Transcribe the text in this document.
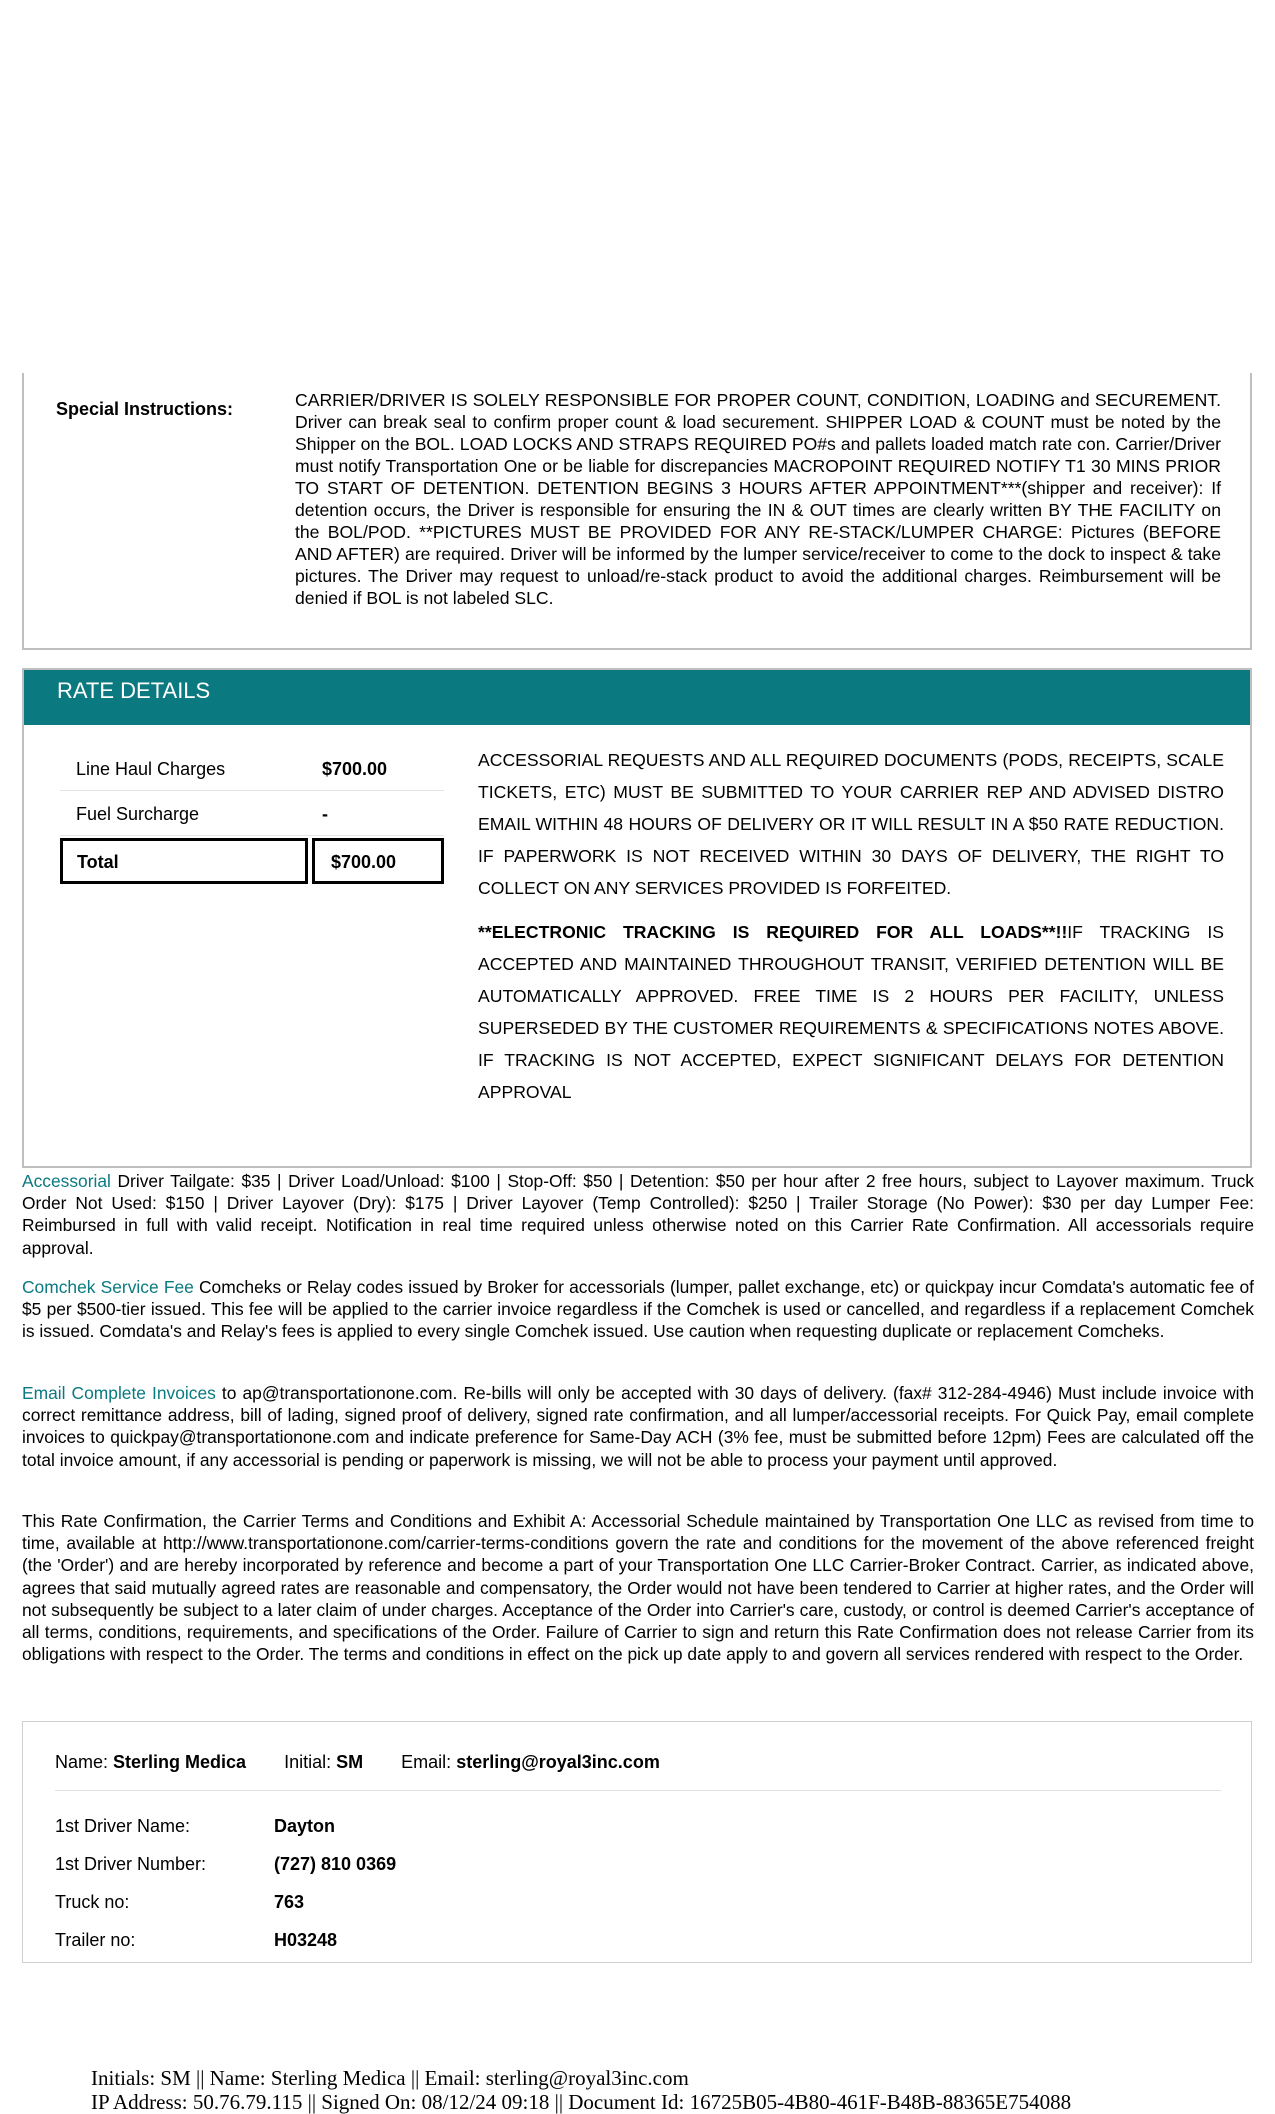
Special Instructions:	CARRIER/DRIVER IS SOLELY RESPONSIBLE FOR PROPER COUNT, CONDITION, LOADING and SECUREMENT. Driver can break seal to confirm proper count & load securement. SHIPPER LOAD & COUNT must be noted by the Shipper on the BOL. LOAD LOCKS AND STRAPS REQUIRED PO#s and pallets loaded match rate con. Carrier/Driver must notify Transportation One or be liable for discrepancies MACROPOINT REQUIRED NOTIFY T1 30 MINS PRIOR TO START OF DETENTION. DETENTION BEGINS 3 HOURS AFTER APPOINTMENT***(shipper and receiver): If detention occurs, the Driver is responsible for ensuring the IN & OUT times are clearly written BY THE FACILITY on the BOL/POD. **PICTURES MUST BE PROVIDED FOR ANY RE-STACK/LUMPER CHARGE: Pictures (BEFORE AND AFTER) are required. Driver will be informed by the lumper service/receiver to come to the dock to inspect & take pictures. The Driver may request to unload/re-stack product to avoid the additional charges. Reimbursement will be denied if BOL is not labeled SLC.
RATE DETAILS
Line Haul Charges	$700.00
Fuel Surcharge	-
Total	$700.00

ACCESSORIAL REQUESTS AND ALL REQUIRED DOCUMENTS (PODS, RECEIPTS, SCALE TICKETS, ETC) MUST BE SUBMITTED TO YOUR CARRIER REP AND ADVISED DISTRO EMAIL WITHIN 48 HOURS OF DELIVERY OR IT WILL RESULT IN A $50 RATE REDUCTION. IF PAPERWORK IS NOT RECEIVED WITHIN 30 DAYS OF DELIVERY, THE RIGHT TO COLLECT ON ANY SERVICES PROVIDED IS FORFEITED.

**ELECTRONIC TRACKING IS REQUIRED FOR ALL LOADS**!!IF TRACKING IS ACCEPTED AND MAINTAINED THROUGHOUT TRANSIT, VERIFIED DETENTION WILL BE AUTOMATICALLY APPROVED. FREE TIME IS 2 HOURS PER FACILITY, UNLESS SUPERSEDED BY THE CUSTOMER REQUIREMENTS & SPECIFICATIONS NOTES ABOVE. IF TRACKING IS NOT ACCEPTED, EXPECT SIGNIFICANT DELAYS FOR DETENTION APPROVAL

Accessorial Driver Tailgate: $35 | Driver Load/Unload: $100 | Stop-Off: $50 | Detention: $50 per hour after 2 free hours, subject to Layover maximum. Truck Order Not Used: $150 | Driver Layover (Dry): $175 | Driver Layover (Temp Controlled): $250 | Trailer Storage (No Power): $30 per day Lumper Fee: Reimbursed in full with valid receipt. Notification in real time required unless otherwise noted on this Carrier Rate Confirmation. All accessorials require approval.

Comchek Service Fee Comcheks or Relay codes issued by Broker for accessorials (lumper, pallet exchange, etc) or quickpay incur Comdata's automatic fee of $5 per $500-tier issued. This fee will be applied to the carrier invoice regardless if the Comchek is used or cancelled, and regardless if a replacement Comchek is issued. Comdata's and Relay's fees is applied to every single Comchek issued. Use caution when requesting duplicate or replacement Comcheks.

Email Complete Invoices to ap@transportationone.com. Re-bills will only be accepted with 30 days of delivery. (fax# 312-284-4946) Must include invoice with correct remittance address, bill of lading, signed proof of delivery, signed rate confirmation, and all lumper/accessorial receipts. For Quick Pay, email complete invoices to quickpay@transportationone.com and indicate preference for Same-Day ACH (3% fee, must be submitted before 12pm) Fees are calculated off the total invoice amount, if any accessorial is pending or paperwork is missing, we will not be able to process your payment until approved.

This Rate Confirmation, the Carrier Terms and Conditions and Exhibit A: Accessorial Schedule maintained by Transportation One LLC as revised from time to time, available at http://www.transportationone.com/carrier-terms-conditions govern the rate and conditions for the movement of the above referenced freight (the 'Order') and are hereby incorporated by reference and become a part of your Transportation One LLC Carrier-Broker Contract. Carrier, as indicated above, agrees that said mutually agreed rates are reasonable and compensatory, the Order would not have been tendered to Carrier at higher rates, and the Order will not subsequently be subject to a later claim of under charges. Acceptance of the Order into Carrier's care, custody, or control is deemed Carrier's acceptance of all terms, conditions, requirements, and specifications of the Order. Failure of Carrier to sign and return this Rate Confirmation does not release Carrier from its obligations with respect to the Order. The terms and conditions in effect on the pick up date apply to and govern all services rendered with respect to the Order.

Name: Sterling Medica Initial: SM Email: sterling@royal3inc.com
1st Driver Name:	Dayton
1st Driver Number:	(727) 810 0369
Truck no:	763
Trailer no:	H03248
Initials: SM || Name: Sterling Medica || Email: sterling@royal3inc.com
IP Address: 50.76.79.115 || Signed On: 08/12/24 09:18 || Document Id: 16725B05-4B80-461F-B48B-88365E754088
